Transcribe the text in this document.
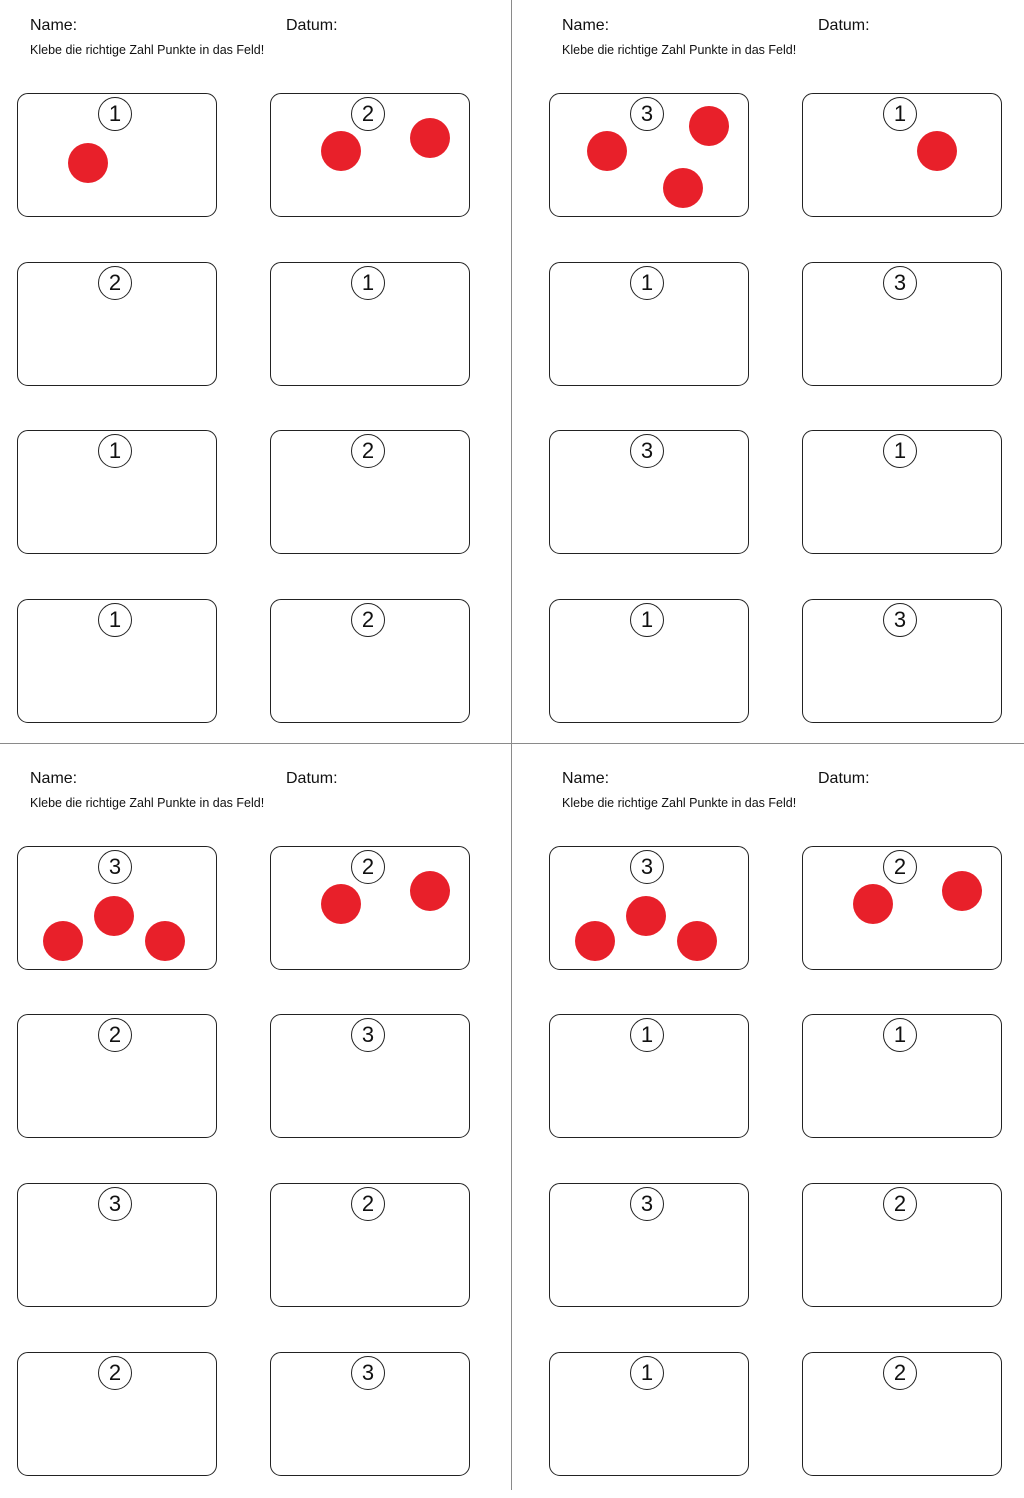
Name:	Datum:
Klebe die richtige Zahl Punkte in das Feld!
1	2
2	1
1	2
1	2
Name:	Datum:
Klebe die richtige Zahl Punkte in das Feld!
3	1
1	3
3	1
1	3
Name:	Datum:
Klebe die richtige Zahl Punkte in das Feld!
3	2
2	3
3	2
2	3
Name:	Datum:
Klebe die richtige Zahl Punkte in das Feld!
3	2
1	1
3	2
1	2
